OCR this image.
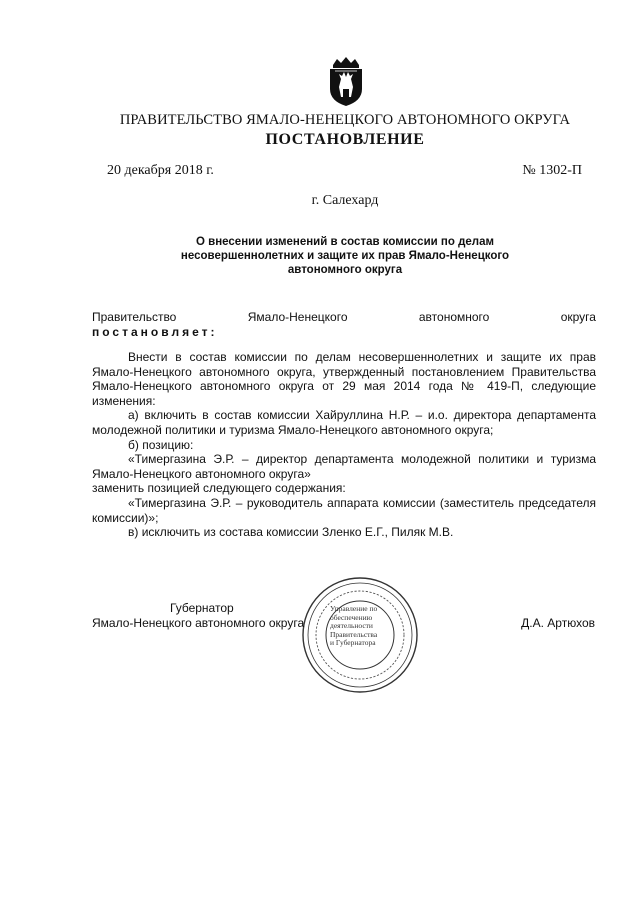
ПРАВИТЕЛЬСТВО ЯМАЛО-НЕНЕЦКОГО АВТОНОМНОГО ОКРУГА
ПОСТАНОВЛЕНИЕ
20 декабря 2018 г.	№ 1302-П
г. Салехард
О внесении изменений в состав комиссии по делам
несовершеннолетних и защите их прав Ямало-Ненецкого
автономного округа
Правительство	Ямало-Ненецкого	автономного	округа
постановляет:

Внести в состав комиссии по делам несовершеннолетних и защите их прав Ямало-Ненецкого автономного округа, утвержденный постановлением Правительства Ямало-Ненецкого автономного округа от 29 мая 2014 года № 419-П, следующие изменения:

а) включить в состав комиссии Хайруллина Н.Р. – и.о. директора департамента молодежной политики и туризма Ямало-Ненецкого автономного округа;

б) позицию:

«Тимергазина Э.Р. – директор департамента молодежной политики и туризма Ямало-Ненецкого автономного округа»

заменить позицией следующего содержания:

«Тимергазина Э.Р. – руководитель аппарата комиссии (заместитель председателя комиссии)»;

в) исключить из состава комиссии Зленко Е.Г., Пиляк М.В.

Управление по
обеспечению
деятельности
Правительства
и Губернатора
Губернатор
Ямало-Ненецкого автономного округа	Д.А. Артюхов
